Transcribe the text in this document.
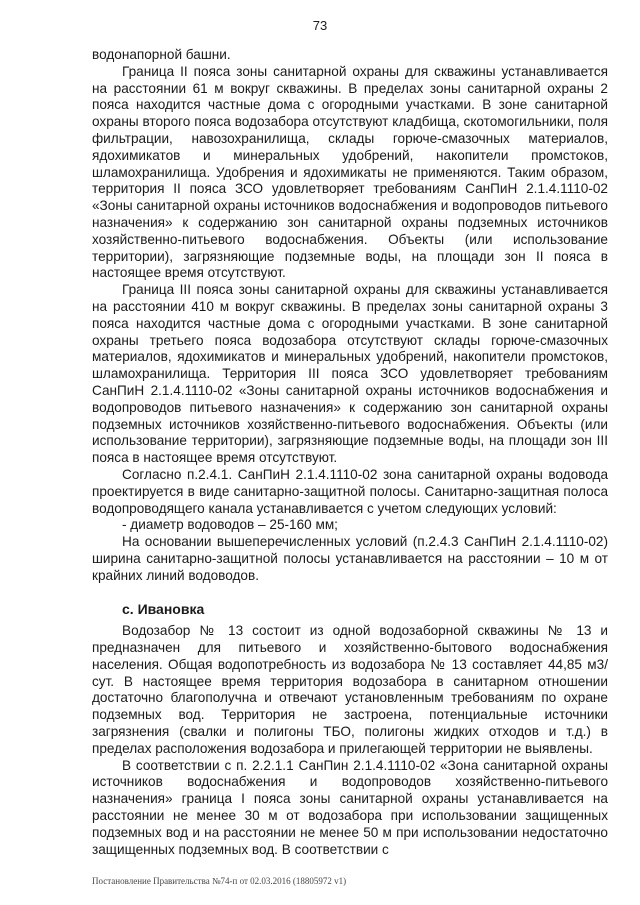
73

водонапорной башни.

Граница II пояса зоны санитарной охраны для скважины устанавливается на расстоянии 61 м вокруг скважины. В пределах зоны санитарной охраны 2 пояса находится частные дома с огородными участками. В зоне санитарной охраны второго пояса водозабора отсутствуют кладбища, скотомогильники, поля фильтрации, навозохранилища, склады горюче-смазочных материалов, ядохимикатов и минеральных удобрений, накопители промстоков, шламохранилища. Удобрения и ядохимикаты не применяются. Таким образом, территория II пояса ЗСО удовлетворяет требованиям СанПиН 2.1.4.1110-02 «Зоны санитарной охраны источников водоснабжения и водопроводов питьевого назначения» к содержанию зон санитарной охраны подземных источников хозяйственно-питьевого водоснабжения. Объекты (или использование территории), загрязняющие подземные воды, на площади зон II пояса в настоящее время отсутствуют.

Граница III пояса зоны санитарной охраны для скважины устанавливается на расстоянии 410 м вокруг скважины. В пределах зоны санитарной охраны 3 пояса находится частные дома с огородными участками. В зоне санитарной охраны третьего пояса водозабора отсутствуют склады горюче-смазочных материалов, ядохимикатов и минеральных удобрений, накопители промстоков, шламохранилища. Территория III пояса ЗСО удовлетворяет требованиям СанПиН 2.1.4.1110-02 «Зоны санитарной охраны источников водоснабжения и водопроводов питьевого назначения» к содержанию зон санитарной охраны подземных источников хозяйственно-питьевого водоснабжения. Объекты (или использование территории), загрязняющие подземные воды, на площади зон III пояса в настоящее время отсутствуют.

Согласно п.2.4.1. СанПиН 2.1.4.1110-02 зона санитарной охраны водовода проектируется в виде санитарно-защитной полосы. Санитарно-защитная полоса водопроводящего канала устанавливается с учетом следующих условий:

- диаметр водоводов – 25-160 мм;

На основании вышеперечисленных условий (п.2.4.3 СанПиН 2.1.4.1110-02) ширина санитарно-защитной полосы устанавливается на расстоянии – 10 м от крайних линий водоводов.

с. Ивановка

Водозабор № 13 состоит из одной водозаборной скважины № 13 и предназначен для питьевого и хозяйственно-бытового водоснабжения населения. Общая водопотребность из водозабора № 13 составляет 44,85 м3/сут. В настоящее время территория водозабора в санитарном отношении достаточно благополучна и отвечают установленным требованиям по охране подземных вод. Территория не застроена, потенциальные источники загрязнения (свалки и полигоны ТБО, полигоны жидких отходов и т.д.) в пределах расположения водозабора и прилегающей территории не выявлены.

В соответствии с п. 2.2.1.1 СанПин 2.1.4.1110-02 «Зона санитарной охраны источников водоснабжения и водопроводов хозяйственно-питьевого назначения» граница I пояса зоны санитарной охраны устанавливается на расстоянии не менее 30 м от водозабора при использовании защищенных подземных вод и на расстоянии не менее 50 м при использовании недостаточно защищенных подземных вод. В соответствии с

Постановление Правительства №74-п от 02.03.2016 (18805972 v1)
